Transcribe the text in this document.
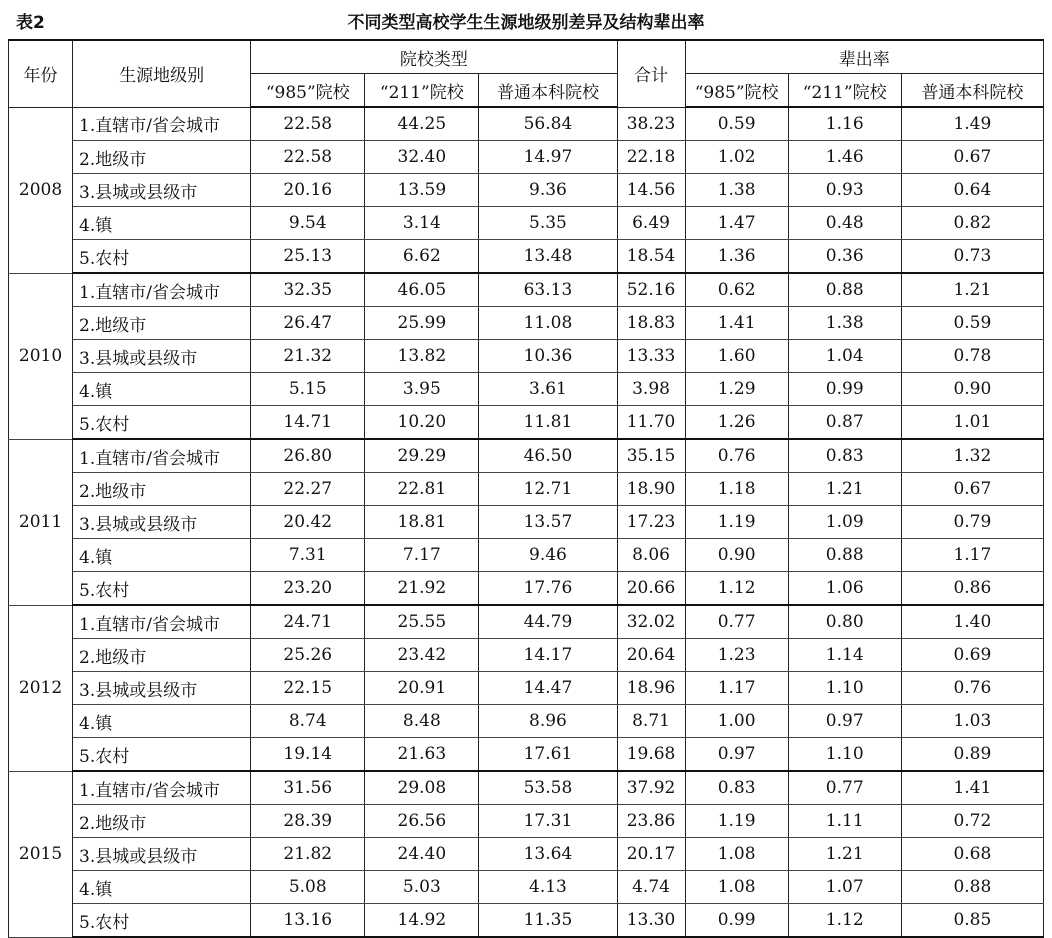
表2	不同类型高校学生生源地级别差异及结构辈出率
年份	生源地级别	院校类型			合计	辈出率		
		“985”院校	“211”院校	普通本科院校		“985”院校	“211”院校	普通本科院校
2008	1.直辖市/省会城市	22.58	44.25	56.84	38.23	0.59	1.16	1.49
	2.地级市	22.58	32.40	14.97	22.18	1.02	1.46	0.67
	3.县城或县级市	20.16	13.59	9.36	14.56	1.38	0.93	0.64
	4.镇	9.54	3.14	5.35	6.49	1.47	0.48	0.82
	5.农村	25.13	6.62	13.48	18.54	1.36	0.36	0.73
2010	1.直辖市/省会城市	32.35	46.05	63.13	52.16	0.62	0.88	1.21
	2.地级市	26.47	25.99	11.08	18.83	1.41	1.38	0.59
	3.县城或县级市	21.32	13.82	10.36	13.33	1.60	1.04	0.78
	4.镇	5.15	3.95	3.61	3.98	1.29	0.99	0.90
	5.农村	14.71	10.20	11.81	11.70	1.26	0.87	1.01
2011	1.直辖市/省会城市	26.80	29.29	46.50	35.15	0.76	0.83	1.32
	2.地级市	22.27	22.81	12.71	18.90	1.18	1.21	0.67
	3.县城或县级市	20.42	18.81	13.57	17.23	1.19	1.09	0.79
	4.镇	7.31	7.17	9.46	8.06	0.90	0.88	1.17
	5.农村	23.20	21.92	17.76	20.66	1.12	1.06	0.86
2012	1.直辖市/省会城市	24.71	25.55	44.79	32.02	0.77	0.80	1.40
	2.地级市	25.26	23.42	14.17	20.64	1.23	1.14	0.69
	3.县城或县级市	22.15	20.91	14.47	18.96	1.17	1.10	0.76
	4.镇	8.74	8.48	8.96	8.71	1.00	0.97	1.03
	5.农村	19.14	21.63	17.61	19.68	0.97	1.10	0.89
2015	1.直辖市/省会城市	31.56	29.08	53.58	37.92	0.83	0.77	1.41
	2.地级市	28.39	26.56	17.31	23.86	1.19	1.11	0.72
	3.县城或县级市	21.82	24.40	13.64	20.17	1.08	1.21	0.68
	4.镇	5.08	5.03	4.13	4.74	1.08	1.07	0.88
	5.农村	13.16	14.92	11.35	13.30	0.99	1.12	0.85
